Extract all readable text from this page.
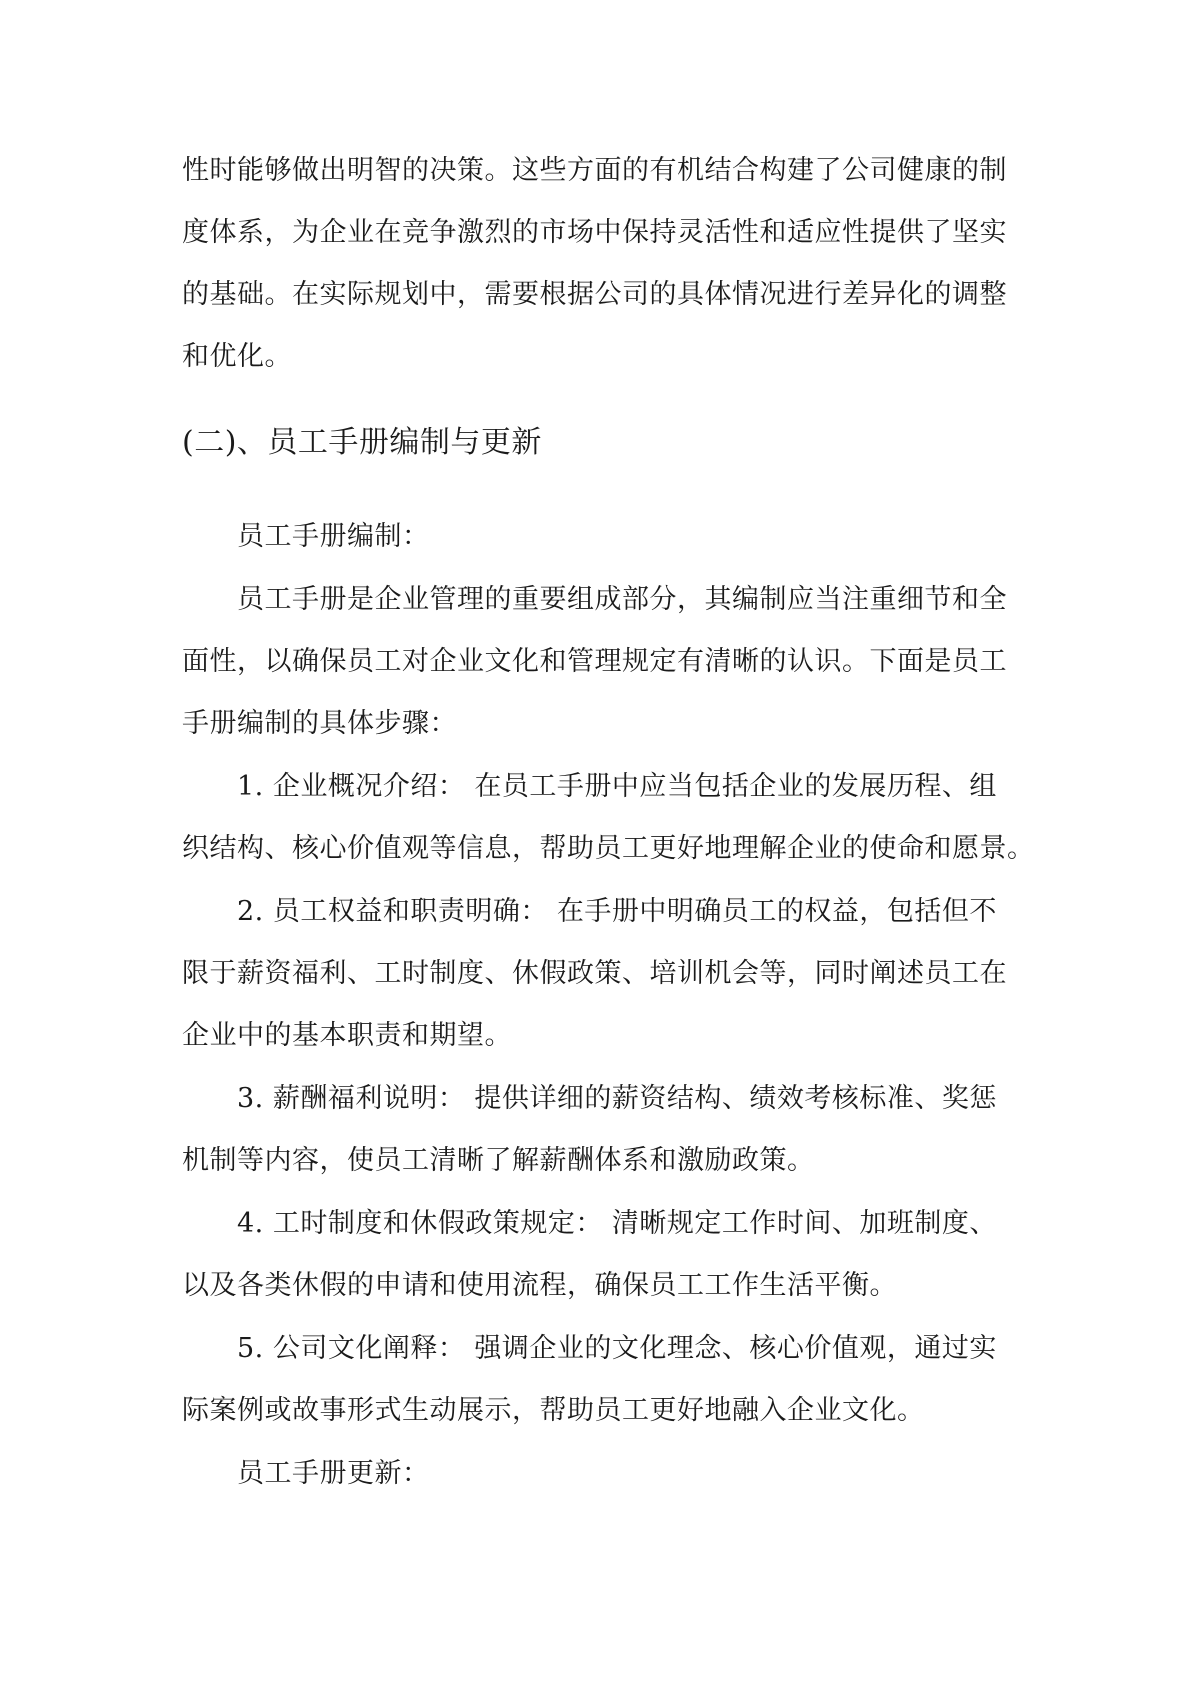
性时能够做出明智的决策。这些方面的有机结合构建了公司健康的制
度体系，为企业在竞争激烈的市场中保持灵活性和适应性提供了坚实
的基础。在实际规划中，需要根据公司的具体情况进行差异化的调整
和优化。
(二)、员工手册编制与更新
员工手册编制：
员工手册是企业管理的重要组成部分，其编制应当注重细节和全
面性，以确保员工对企业文化和管理规定有清晰的认识。下面是员工
手册编制的具体步骤：
1. 企业概况介绍： 在员工手册中应当包括企业的发展历程、组
织结构、核心价值观等信息，帮助员工更好地理解企业的使命和愿景。
2. 员工权益和职责明确： 在手册中明确员工的权益，包括但不
限于薪资福利、工时制度、休假政策、培训机会等，同时阐述员工在
企业中的基本职责和期望。
3. 薪酬福利说明： 提供详细的薪资结构、绩效考核标准、奖惩
机制等内容，使员工清晰了解薪酬体系和激励政策。
4. 工时制度和休假政策规定： 清晰规定工作时间、加班制度、
以及各类休假的申请和使用流程，确保员工工作生活平衡。
5. 公司文化阐释： 强调企业的文化理念、核心价值观，通过实
际案例或故事形式生动展示，帮助员工更好地融入企业文化。
员工手册更新：
